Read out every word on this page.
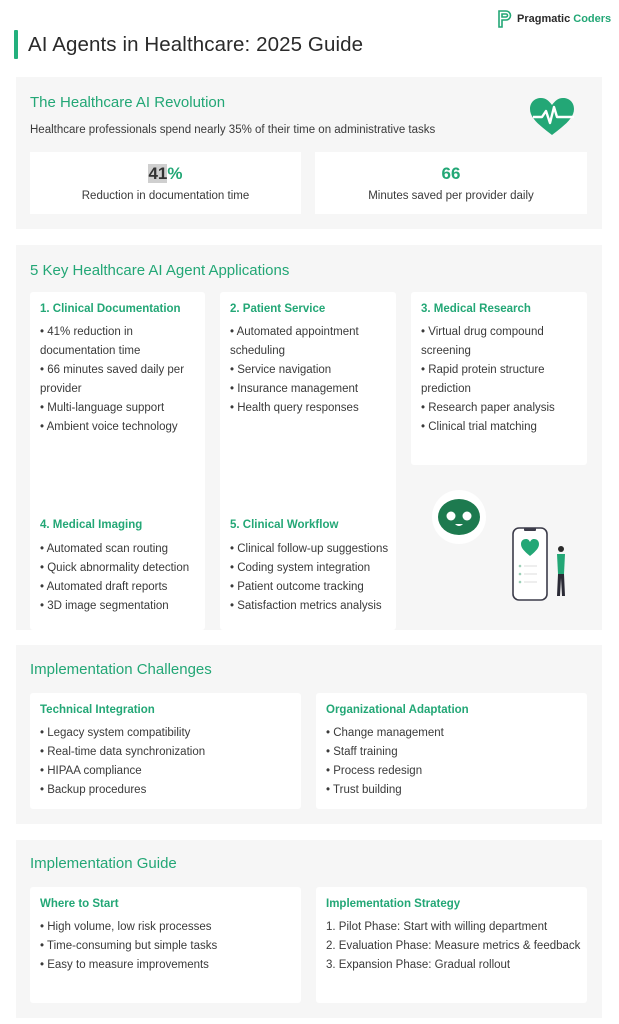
Pragmatic Coders
AI Agents in Healthcare: 2025 Guide
The Healthcare AI Revolution
Healthcare professionals spend nearly 35% of their time on administrative tasks
41%
Reduction in documentation time
66
Minutes saved per provider daily
5 Key Healthcare AI Agent Applications
1. Clinical Documentation
• 41% reduction in documentation time
• 66 minutes saved daily per provider
• Multi-language support
• Ambient voice technology
4. Medical Imaging
• Automated scan routing
• Quick abnormality detection
• Automated draft reports
• 3D image segmentation
2. Patient Service
• Automated appointment scheduling
• Service navigation
• Insurance management
• Health query responses
5. Clinical Workflow
• Clinical follow-up suggestions
• Coding system integration
• Patient outcome tracking
• Satisfaction metrics analysis
3. Medical Research
• Virtual drug compound screening
• Rapid protein structure prediction
• Research paper analysis
• Clinical trial matching
Implementation Challenges
Technical Integration
• Legacy system compatibility
• Real-time data synchronization
• HIPAA compliance
• Backup procedures
Organizational Adaptation
• Change management
• Staff training
• Process redesign
• Trust building
Implementation Guide
Where to Start
• High volume, low risk processes
• Time-consuming but simple tasks
• Easy to measure improvements
Implementation Strategy
1. Pilot Phase: Start with willing department
2. Evaluation Phase: Measure metrics & feedback
3. Expansion Phase: Gradual rollout
